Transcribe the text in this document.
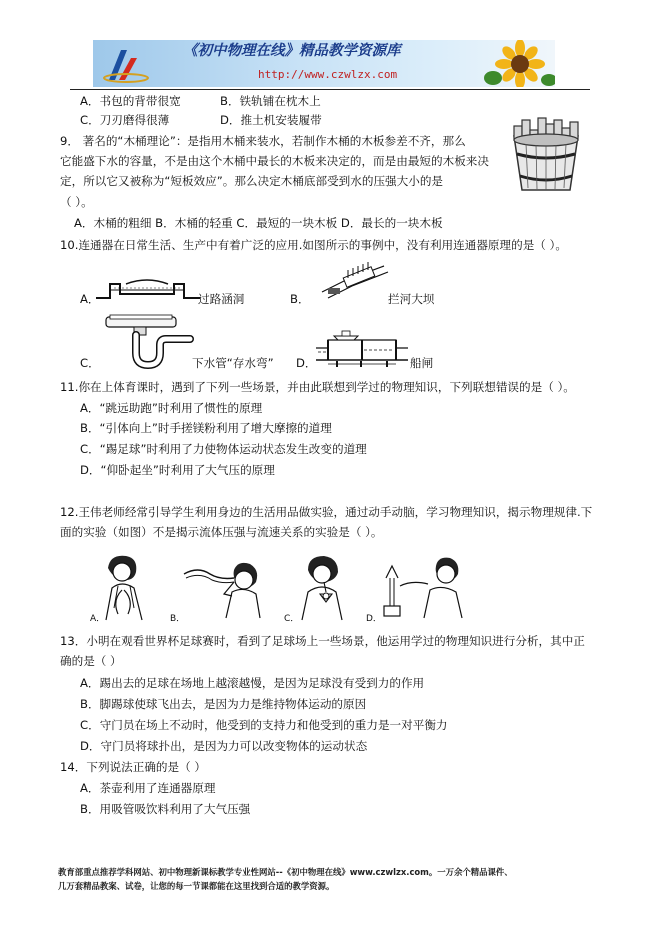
《初中物理在线》精品教学资源库
http://www.czwlzx.com
A．书包的背带很宽	B．铁轨铺在枕木上
C．刀刃磨得很薄	D．推土机安装履带
9． 著名的“木桶理论”：是指用木桶来装水，若制作木桶的木板参差不齐，那么
它能盛下水的容量，不是由这个木桶中最长的木板来决定的，而是由最短的木板来决
定，所以它又被称为“短板效应”。那么决定木桶底部受到水的压强大小的是
（ ）。
A．木桶的粗细 B．木桶的轻重 C．最短的一块木板 D．最长的一块木板
10.连通器在日常生活、生产中有着广泛的应用.如图所示的事例中，没有利用连通器原理的是（ ）。
A．	过路涵洞	B．	拦河大坝
C．	下水管“存水弯” D．	船闸
11.你在上体育课时，遇到了下列一些场景，并由此联想到学过的物理知识，下列联想错误的是（ ）。
A．“跳远助跑”时利用了惯性的原理
B．“引体向上”时手搓镁粉利用了增大摩擦的道理
C．“踢足球”时利用了力使物体运动状态发生改变的道理
D．“仰卧起坐”时利用了大气压的原理
12.王伟老师经常引导学生利用身边的生活用品做实验，通过动手动脑，学习物理知识，揭示物理规律.下
面的实验（如图）不是揭示流体压强与流速关系的实验是（ ）。
A．	B．	C．	D．
13．小明在观看世界杯足球赛时，看到了足球场上一些场景，他运用学过的物理知识进行分析，其中正
确的是（ ）
A．踢出去的足球在场地上越滚越慢，是因为足球没有受到力的作用
B．脚踢球使球飞出去，是因为力是维持物体运动的原因
C．守门员在场上不动时，他受到的支持力和他受到的重力是一对平衡力
D．守门员将球扑出，是因为力可以改变物体的运动状态
14．下列说法正确的是（ ）
A．茶壶利用了连通器原理
B．用吸管吸饮料利用了大气压强
教育部重点推荐学科网站、初中物理新课标教学专业性网站--《初中物理在线》www.czwlzx.com。一万余个精品课件、
几万套精品教案、试卷，让您的每一节课都能在这里找到合适的教学资源。
